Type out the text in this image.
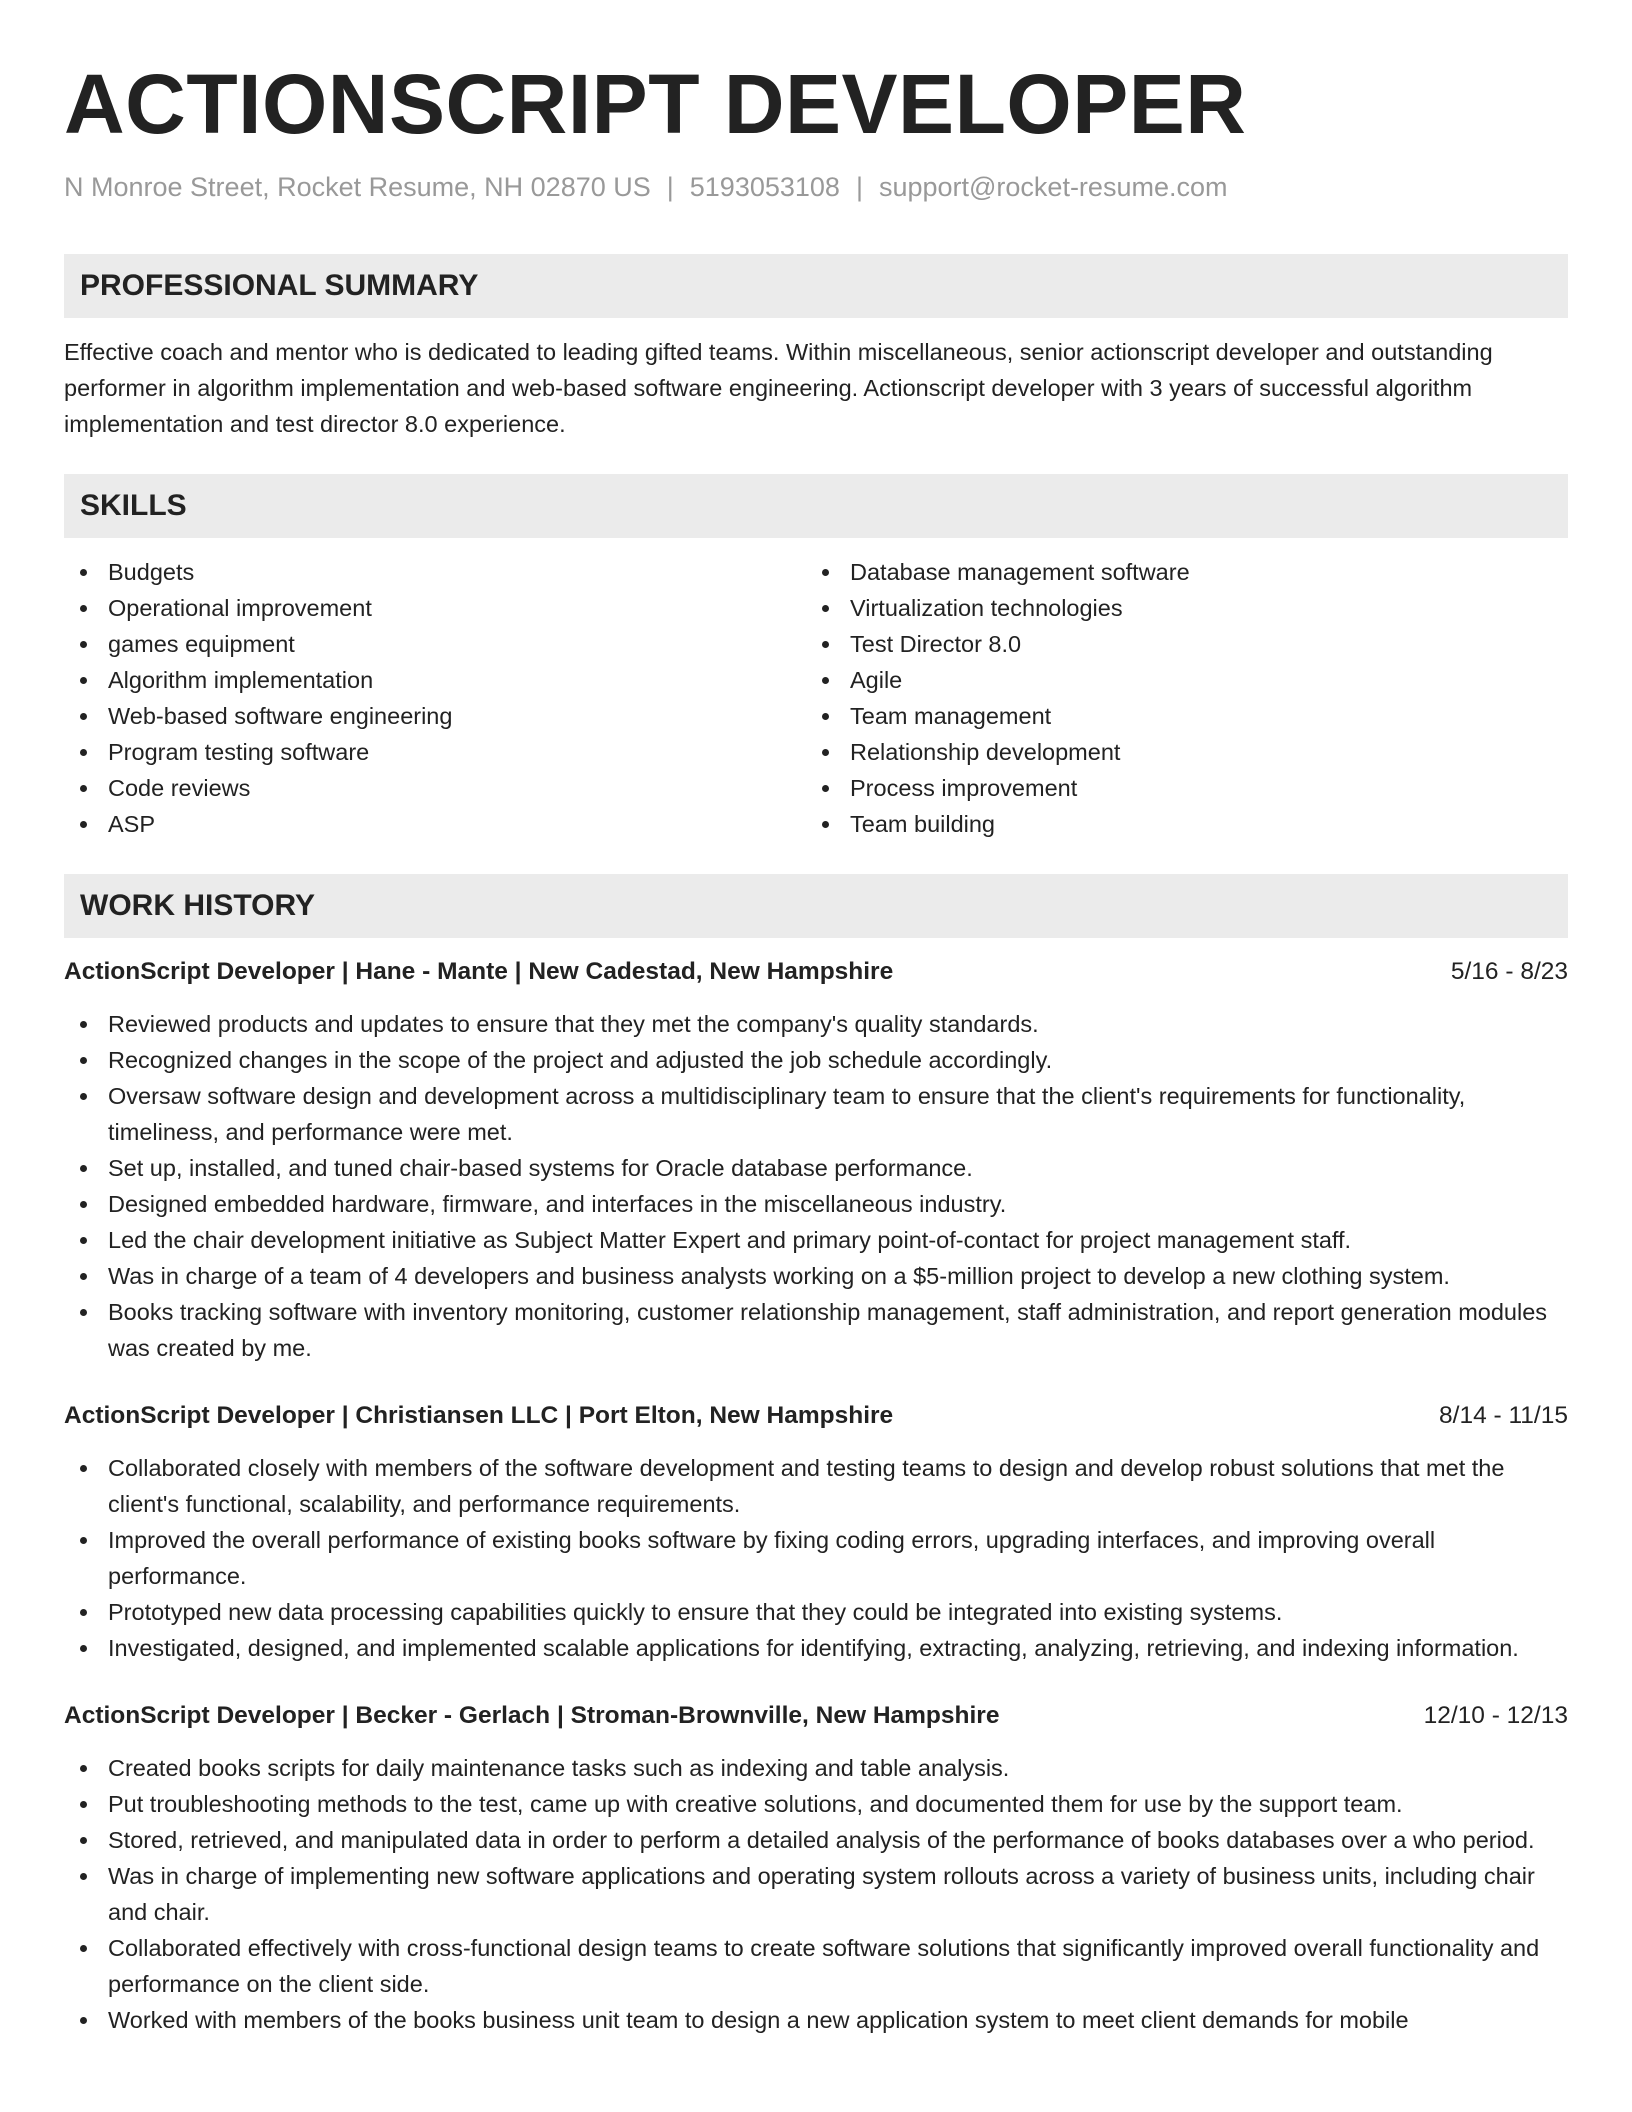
ACTIONSCRIPT DEVELOPER
N Monroe Street, Rocket Resume, NH 02870 US | 5193053108 | support@rocket-resume.com
PROFESSIONAL SUMMARY

Effective coach and mentor who is dedicated to leading gifted teams. Within miscellaneous, senior actionscript developer and outstanding performer in algorithm implementation and web-based software engineering. Actionscript developer with 3 years of successful algorithm implementation and test director 8.0 experience.

SKILLS
Budgets
Operational improvement
games equipment
Algorithm implementation
Web-based software engineering
Program testing software
Code reviews
ASP
Database management software
Virtualization technologies
Test Director 8.0
Agile
Team management
Relationship development
Process improvement
Team building
WORK HISTORY
ActionScript Developer | Hane - Mante | New Cadestad, New Hampshire	5/16 - 8/23
Reviewed products and updates to ensure that they met the company's quality standards.
Recognized changes in the scope of the project and adjusted the job schedule accordingly.
Oversaw software design and development across a multidisciplinary team to ensure that the client's requirements for functionality, timeliness, and performance were met.
Set up, installed, and tuned chair-based systems for Oracle database performance.
Designed embedded hardware, firmware, and interfaces in the miscellaneous industry.
Led the chair development initiative as Subject Matter Expert and primary point-of-contact for project management staff.
Was in charge of a team of 4 developers and business analysts working on a $5-million project to develop a new clothing system.
Books tracking software with inventory monitoring, customer relationship management, staff administration, and report generation modules was created by me.
ActionScript Developer | Christiansen LLC | Port Elton, New Hampshire	8/14 - 11/15
Collaborated closely with members of the software development and testing teams to design and develop robust solutions that met the client's functional, scalability, and performance requirements.
Improved the overall performance of existing books software by fixing coding errors, upgrading interfaces, and improving overall performance.
Prototyped new data processing capabilities quickly to ensure that they could be integrated into existing systems.
Investigated, designed, and implemented scalable applications for identifying, extracting, analyzing, retrieving, and indexing information.
ActionScript Developer | Becker - Gerlach | Stroman-Brownville, New Hampshire	12/10 - 12/13
Created books scripts for daily maintenance tasks such as indexing and table analysis.
Put troubleshooting methods to the test, came up with creative solutions, and documented them for use by the support team.
Stored, retrieved, and manipulated data in order to perform a detailed analysis of the performance of books databases over a who period.
Was in charge of implementing new software applications and operating system rollouts across a variety of business units, including chair and chair.
Collaborated effectively with cross-functional design teams to create software solutions that significantly improved overall functionality and performance on the client side.
Worked with members of the books business unit team to design a new application system to meet client demands for mobile
